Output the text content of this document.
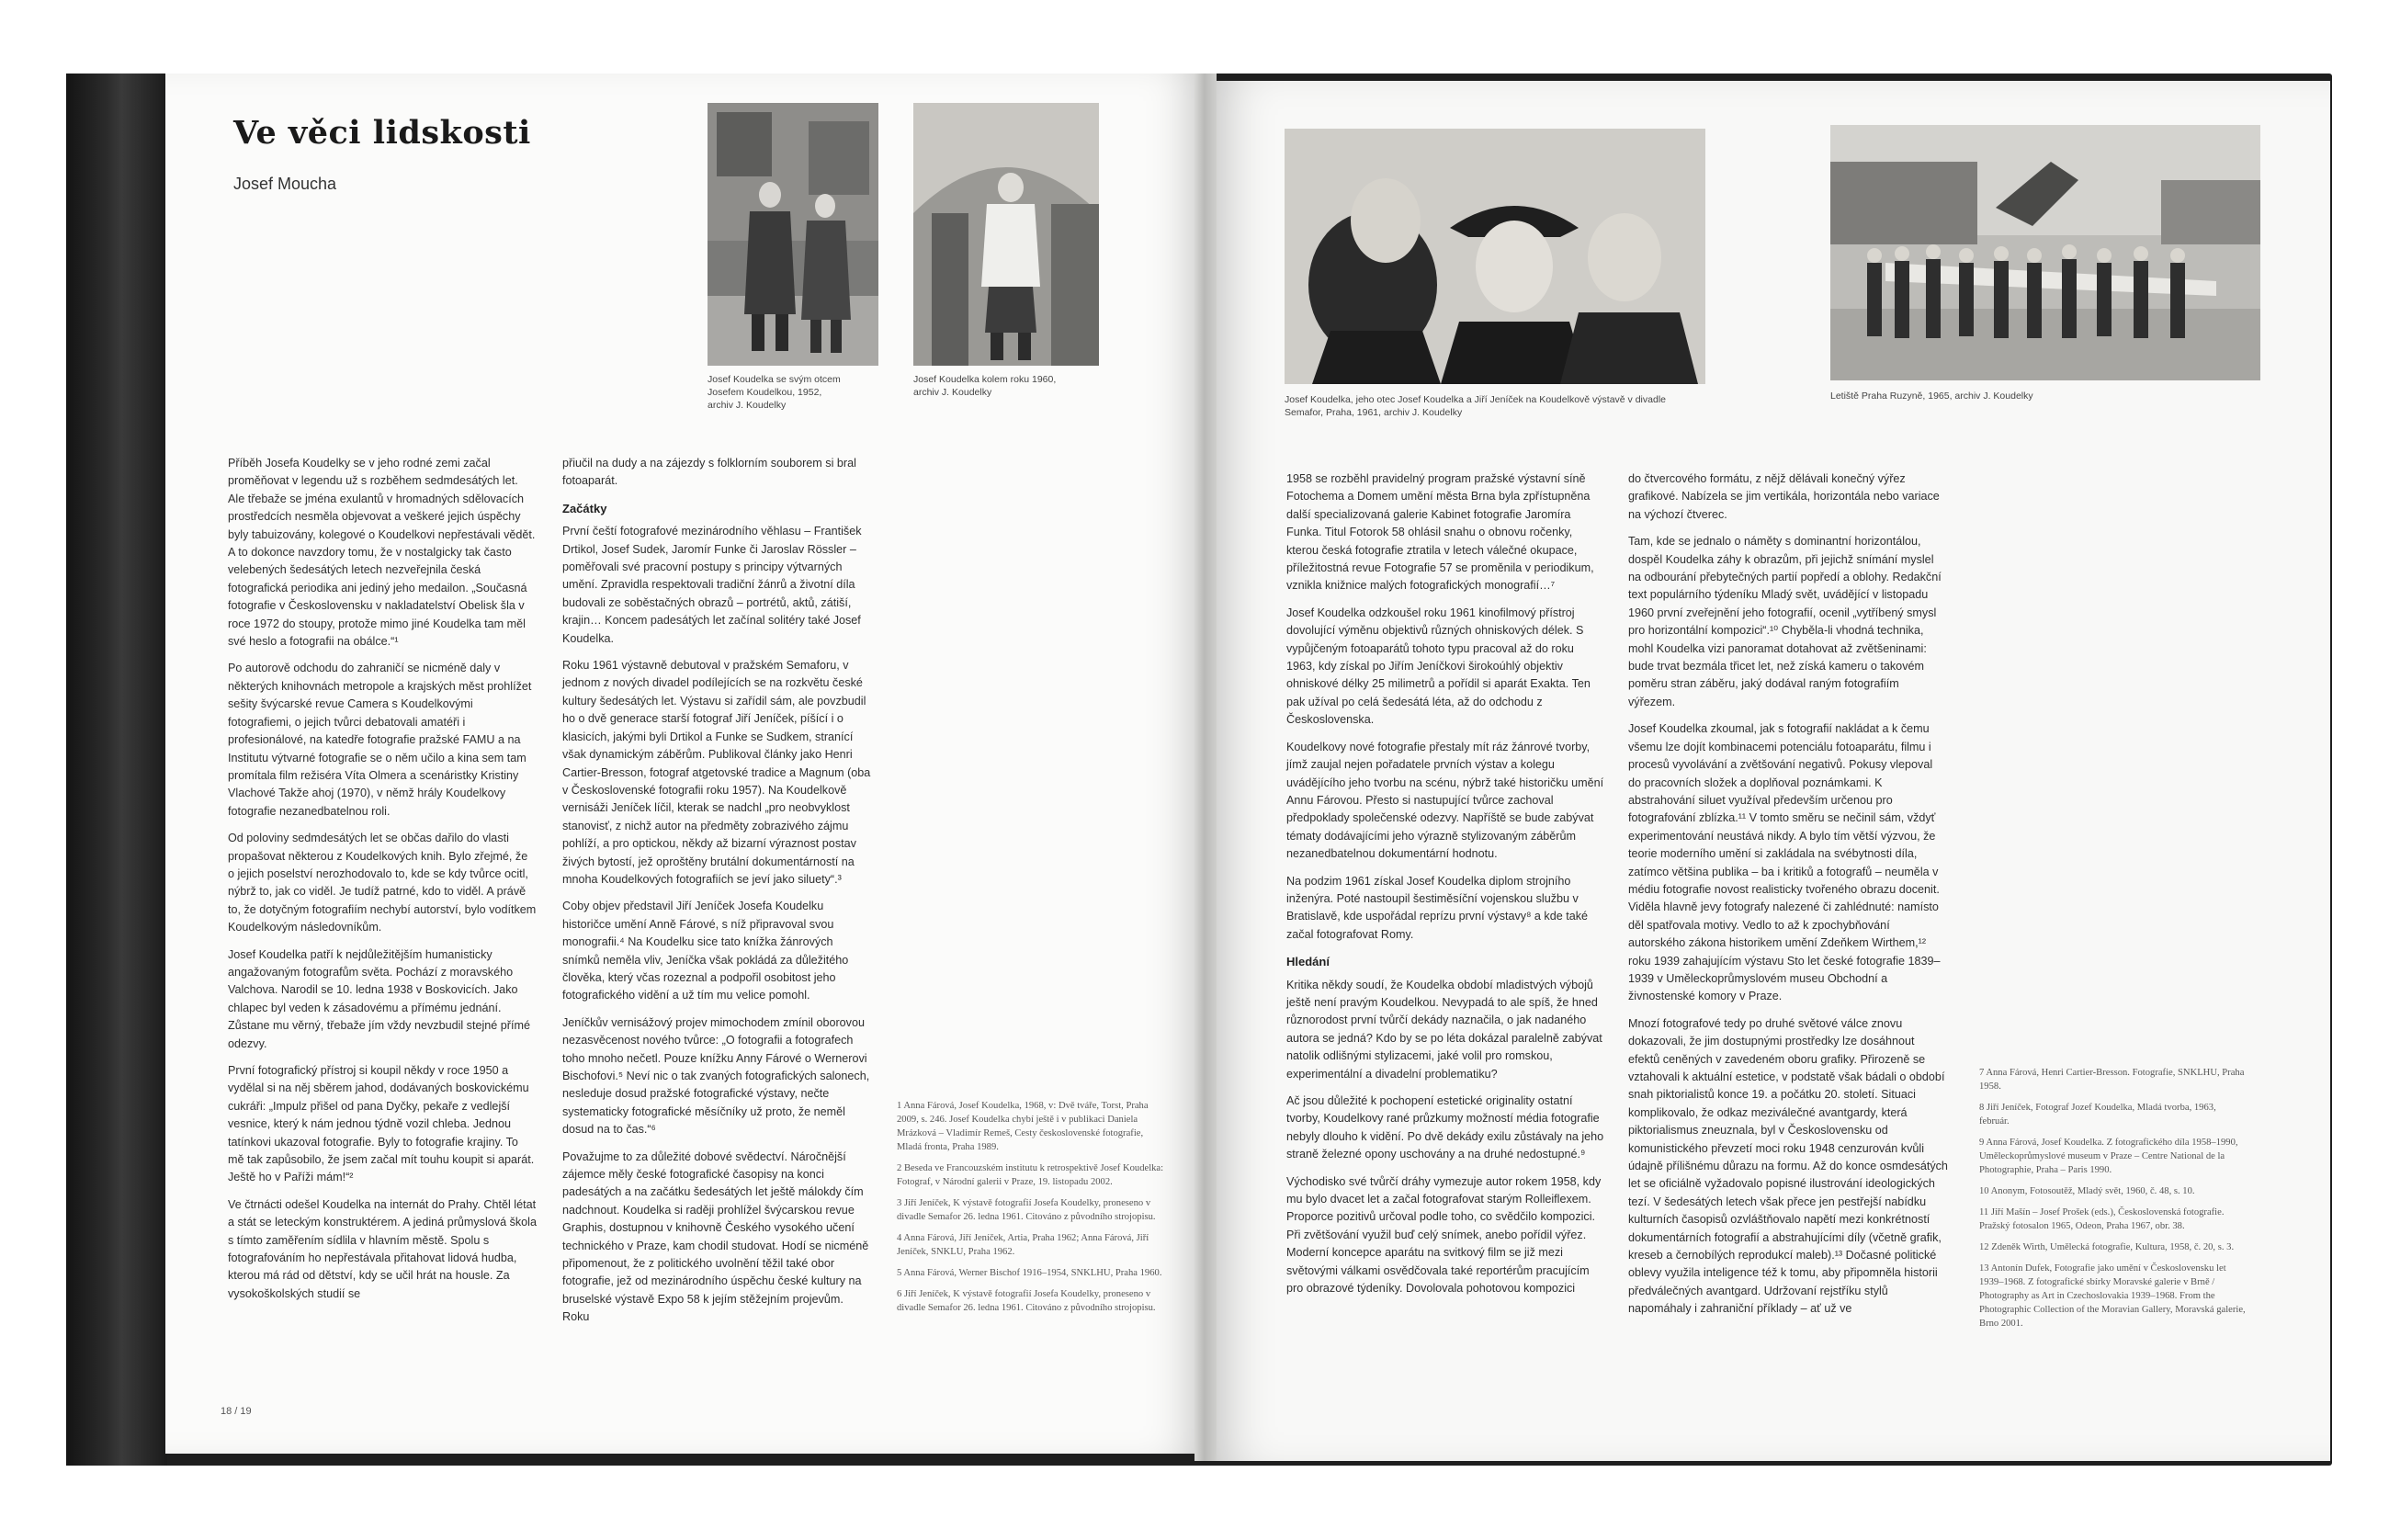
Ve věci lidskosti
Josef Moucha
Josef Koudelka se svým otcem Josefem Koudelkou, 1952, archiv J. Koudelky
Josef Koudelka kolem roku 1960, archiv J. Koudelky

Příběh Josefa Koudelky se v jeho rodné zemi začal proměňovat v legendu už s rozběhem sedmdesátých let. Ale třebaže se jména exulantů v hromadných sdělovacích prostředcích nesměla objevovat a veškeré jejich úspěchy byly tabuizovány, kolegové o Koudelkovi nepřestávali vědět. A to dokonce navzdory tomu, že v nostalgicky tak často velebených šedesátých letech nezveřejnila česká fotografická periodika ani jediný jeho medailon. „Současná fotografie v Československu v nakladatelství Obelisk šla v roce 1972 do stoupy, protože mimo jiné Koudelka tam měl své heslo a fotografii na obálce.“¹

Po autorově odchodu do zahraničí se nicméně daly v některých knihovnách metropole a krajských měst prohlížet sešity švýcarské revue Camera s Koudelkovými fotografiemi, o jejich tvůrci debatovali amatéři i profesionálové, na katedře fotografie pražské FAMU a na Institutu výtvarné fotografie se o něm učilo a kina sem tam promítala film režiséra Víta Olmera a scenáristky Kristiny Vlachové Takže ahoj (1970), v němž hrály Koudelkovy fotografie nezanedbatelnou roli.

Od poloviny sedmdesátých let se občas dařilo do vlasti propašovat některou z Koudelkových knih. Bylo zřejmé, že o jejich poselství nerozhodovalo to, kde se kdy tvůrce ocitl, nýbrž to, jak co viděl. Je tudíž patrné, kdo to viděl. A právě to, že dotyčným fotografiím nechybí autorství, bylo vodítkem Koudelkovým následovníkům.

Josef Koudelka patří k nejdůležitějším humanisticky angažovaným fotografům světa. Pochází z moravského Valchova. Narodil se 10. ledna 1938 v Boskovicích. Jako chlapec byl veden k zásadovému a přímému jednání. Zůstane mu věrný, třebaže jím vždy nevzbudil stejné přímé odezvy.

První fotografický přístroj si koupil někdy v roce 1950 a vydělal si na něj sběrem jahod, dodávaných boskovickému cukráři: „Impulz přišel od pana Dyčky, pekaře z vedlejší vesnice, který k nám jednou týdně vozil chleba. Jednou tatínkovi ukazoval fotografie. Byly to fotografie krajiny. To mě tak zapůsobilo, že jsem začal mít touhu koupit si aparát. Ještě ho v Paříži mám!“²

Ve čtrnácti odešel Koudelka na internát do Prahy. Chtěl létat a stát se leteckým konstruktérem. A jediná průmyslová škola s tímto zaměřením sídlila v hlavním městě. Spolu s fotografováním ho nepřestávala přitahovat lidová hudba, kterou má rád od dětství, kdy se učil hrát na housle. Za vysokoškolských studií se

přiučil na dudy a na zájezdy s folklorním souborem si bral fotoaparát.

Začátky

První čeští fotografové mezinárodního věhlasu – František Drtikol, Josef Sudek, Jaromír Funke či Jaroslav Rössler – poměřovali své pracovní postupy s principy výtvarných umění. Zpravidla respektovali tradiční žánrů a životní díla budovali ze soběstačných obrazů – portrétů, aktů, zátiší, krajin… Koncem padesátých let začínal solitéry také Josef Koudelka.

Roku 1961 výstavně debutoval v pražském Semaforu, v jednom z nových divadel podílejících se na rozkvětu české kultury šedesátých let. Výstavu si zařídil sám, ale povzbudil ho o dvě generace starší fotograf Jiří Jeníček, píšící i o klasicích, jakými byli Drtikol a Funke se Sudkem, stranící však dynamickým záběrům. Publikoval články jako Henri Cartier-Bresson, fotograf atgetovské tradice a Magnum (oba v Československé fotografii roku 1957). Na Koudelkově vernisáži Jeníček líčil, kterak se nadchl „pro neobvyklost stanovisť, z nichž autor na předměty zobrazivého zájmu pohlíží, a pro optickou, někdy až bizarní výraznost postav živých bytostí, jež oproštěny brutální dokumentárností na mnoha Koudelkových fotografiích se jeví jako siluety“.³

Coby objev představil Jiří Jeníček Josefa Koudelku historičce umění Anně Fárové, s níž připravoval svou monografii.⁴ Na Koudelku sice tato knížka žánrových snímků neměla vliv, Jeníčka však pokládá za důležitého člověka, který včas rozeznal a podpořil osobitost jeho fotografického vidění a už tím mu velice pomohl.

Jeníčkův vernisážový projev mimochodem zmínil oborovou nezasvěcenost nového tvůrce: „O fotografii a fotografech toho mnoho nečetl. Pouze knížku Anny Fárové o Wernerovi Bischofovi.⁵ Neví nic o tak zvaných fotografických salonech, nesleduje dosud pražské fotografické výstavy, nečte systematicky fotografické měsíčníky už proto, že neměl dosud na to čas.“⁶

Považujme to za důležité dobové svědectví. Náročnější zájemce měly české fotografické časopisy na konci padesátých a na začátku šedesátých let ještě málokdy čím nadchnout. Koudelka si raději prohlížel švýcarskou revue Graphis, dostupnou v knihovně Českého vysokého učení technického v Praze, kam chodil studovat. Hodí se nicméně připomenout, že z politického uvolnění těžil také obor fotografie, jež od mezinárodního úspěchu české kultury na bruselské výstavě Expo 58 k jejím stěžejním projevům. Roku

1 Anna Fárová, Josef Koudelka, 1968, v: Dvě tváře, Torst, Praha 2009, s. 246. Josef Koudelka chybí ještě i v publikaci Daniela Mrázková – Vladimír Remeš, Cesty československé fotografie, Mladá fronta, Praha 1989.

2 Beseda ve Francouzském institutu k retrospektivě Josef Koudelka: Fotograf, v Národní galerii v Praze, 19. listopadu 2002.

3 Jiří Jeníček, K výstavě fotografií Josefa Koudelky, proneseno v divadle Semafor 26. ledna 1961. Citováno z původního strojopisu.

4 Anna Fárová, Jiří Jeníček, Artia, Praha 1962; Anna Fárová, Jiří Jeníček, SNKLU, Praha 1962.

5 Anna Fárová, Werner Bischof 1916–1954, SNKLHU, Praha 1960.

6 Jiří Jeníček, K výstavě fotografií Josefa Koudelky, proneseno v divadle Semafor 26. ledna 1961. Citováno z původního strojopisu.

18 / 19
Josef Koudelka, jeho otec Josef Koudelka a Jiří Jeníček na Koudelkově výstavě v divadle Semafor, Praha, 1961, archiv J. Koudelky
Letiště Praha Ruzyně, 1965, archiv J. Koudelky

1958 se rozběhl pravidelný program pražské výstavní síně Fotochema a Domem umění města Brna byla zpřístupněna další specializovaná galerie Kabinet fotografie Jaromíra Funka. Titul Fotorok 58 ohlásil snahu o obnovu ročenky, kterou česká fotografie ztratila v letech válečné okupace, příležitostná revue Fotografie 57 se proměnila v periodikum, vznikla knižnice malých fotografických monografií…⁷

Josef Koudelka odzkoušel roku 1961 kinofilmový přístroj dovolující výměnu objektivů různých ohniskových délek. S vypůjčeným fotoaparátů tohoto typu pracoval až do roku 1963, kdy získal po Jiřím Jeníčkovi širokoúhlý objektiv ohniskové délky 25 milimetrů a pořídil si aparát Exakta. Ten pak užíval po celá šedesátá léta, až do odchodu z Československa.

Koudelkovy nové fotografie přestaly mít ráz žánrové tvorby, jímž zaujal nejen pořadatele prvních výstav a kolegu uvádějícího jeho tvorbu na scénu, nýbrž také historičku umění Annu Fárovou. Přesto si nastupující tvůrce zachoval předpoklady společenské odezvy. Napříště se bude zabývat tématy dodávajícími jeho výrazně stylizovaným záběrům nezanedbatelnou dokumentární hodnotu.

Na podzim 1961 získal Josef Koudelka diplom strojního inženýra. Poté nastoupil šestiměsíční vojenskou službu v Bratislavě, kde uspořádal reprízu první výstavy⁸ a kde také začal fotografovat Romy.

Hledání

Kritika někdy soudí, že Koudelka období mladistvých výbojů ještě není pravým Koudelkou. Nevypadá to ale spíš, že hned různorodost první tvůrčí dekády naznačila, o jak nadaného autora se jedná? Kdo by se po léta dokázal paralelně zabývat natolik odlišnými stylizacemi, jaké volil pro romskou, experimentální a divadelní problematiku?

Ač jsou důležité k pochopení estetické originality ostatní tvorby, Koudelkovy rané průzkumy možností média fotografie nebyly dlouho k vidění. Po dvě dekády exilu zůstávaly na jeho straně železné opony uschovány a na druhé nedostupné.⁹

Východisko své tvůrčí dráhy vymezuje autor rokem 1958, kdy mu bylo dvacet let a začal fotografovat starým Rolleiflexem. Proporce pozitivů určoval podle toho, co svědčilo kompozici. Při zvětšování využil buď celý snímek, anebo pořídil výřez. Moderní koncepce aparátu na svitkový film se již mezi světovými válkami osvědčovala také reportérům pracujícím pro obrazové týdeníky. Dovolovala pohotovou kompozici

do čtvercového formátu, z nějž dělávali konečný výřez grafikové. Nabízela se jim vertikála, horizontála nebo variace na výchozí čtverec.

Tam, kde se jednalo o náměty s dominantní horizontálou, dospěl Koudelka záhy k obrazům, při jejichž snímání myslel na odbourání přebytečných partií popředí a oblohy. Redakční text populárního týdeníku Mladý svět, uvádějící v listopadu 1960 první zveřejnění jeho fotografií, ocenil „vytříbený smysl pro horizontální kompozici“.¹⁰ Chyběla-li vhodná technika, mohl Koudelka vizi panoramat dotahovat až zvětšeninami: bude trvat bezmála třicet let, než získá kameru o takovém poměru stran záběru, jaký dodával raným fotografiím výřezem.

Josef Koudelka zkoumal, jak s fotografií nakládat a k čemu všemu lze dojít kombinacemi potenciálu fotoaparátu, filmu i procesů vyvolávání a zvětšování negativů. Pokusy vlepoval do pracovních složek a doplňoval poznámkami. K abstrahování siluet využíval především určenou pro fotografování zblízka.¹¹ V tomto směru se nečinil sám, vždyť experimentování neustává nikdy. A bylo tím větší výzvou, že teorie moderního umění si zakládala na svébytnosti díla, zatímco většina publika – ba i kritiků a fotografů – neuměla v médiu fotografie novost realisticky tvořeného obrazu docenit. Viděla hlavně jevy fotografy nalezené či zahlédnuté: namísto děl spatřovala motivy. Vedlo to až k zpochybňování autorského zákona historikem umění Zdeňkem Wirthem,¹² roku 1939 zahajujícím výstavu Sto let české fotografie 1839–1939 v Uměleckoprůmyslovém museu Obchodní a živnostenské komory v Praze.

Mnozí fotografové tedy po druhé světové válce znovu dokazovali, že jim dostupnými prostředky lze dosáhnout efektů ceněných v zavedeném oboru grafiky. Přirozeně se vztahovali k aktuální estetice, v podstatě však bádali o období snah piktorialistů konce 19. a počátku 20. století. Situaci komplikovalo, že odkaz meziválečné avantgardy, která piktorialismus zneuznala, byl v Československu od komunistického převzetí moci roku 1948 cenzurován kvůli údajně přílišnému důrazu na formu. Až do konce osmdesátých let se oficiálně vyžadovalo popisné ilustrování ideologických tezí. V šedesátých letech však přece jen pestřejší nabídku kulturních časopisů ozvláštňovalo napětí mezi konkrétností dokumentárních fotografií a abstrahujícími díly (včetně grafik, kreseb a černobílých reprodukcí maleb).¹³ Dočasné politické oblevy využila inteligence též k tomu, aby připomněla historii předválečných avantgard. Udržovaní rejstříku stylů napomáhaly i zahraniční příklady – ať už ve

7 Anna Fárová, Henri Cartier-Bresson. Fotografie, SNKLHU, Praha 1958.

8 Jiří Jeníček, Fotograf Jozef Koudelka, Mladá tvorba, 1963, február.

9 Anna Fárová, Josef Koudelka. Z fotografického díla 1958–1990, Uměleckoprůmyslové museum v Praze – Centre National de la Photographie, Praha – Paris 1990.

10 Anonym, Fotosoutěž, Mladý svět, 1960, č. 48, s. 10.

11 Jiří Mašín – Josef Prošek (eds.), Československá fotografie. Pražský fotosalon 1965, Odeon, Praha 1967, obr. 38.

12 Zdeněk Wirth, Umělecká fotografie, Kultura, 1958, č. 20, s. 3.

13 Antonín Dufek, Fotografie jako umění v Československu let 1939–1968. Z fotografické sbírky Moravské galerie v Brně / Photography as Art in Czechoslovakia 1939–1968. From the Photographic Collection of the Moravian Gallery, Moravská galerie, Brno 2001.
